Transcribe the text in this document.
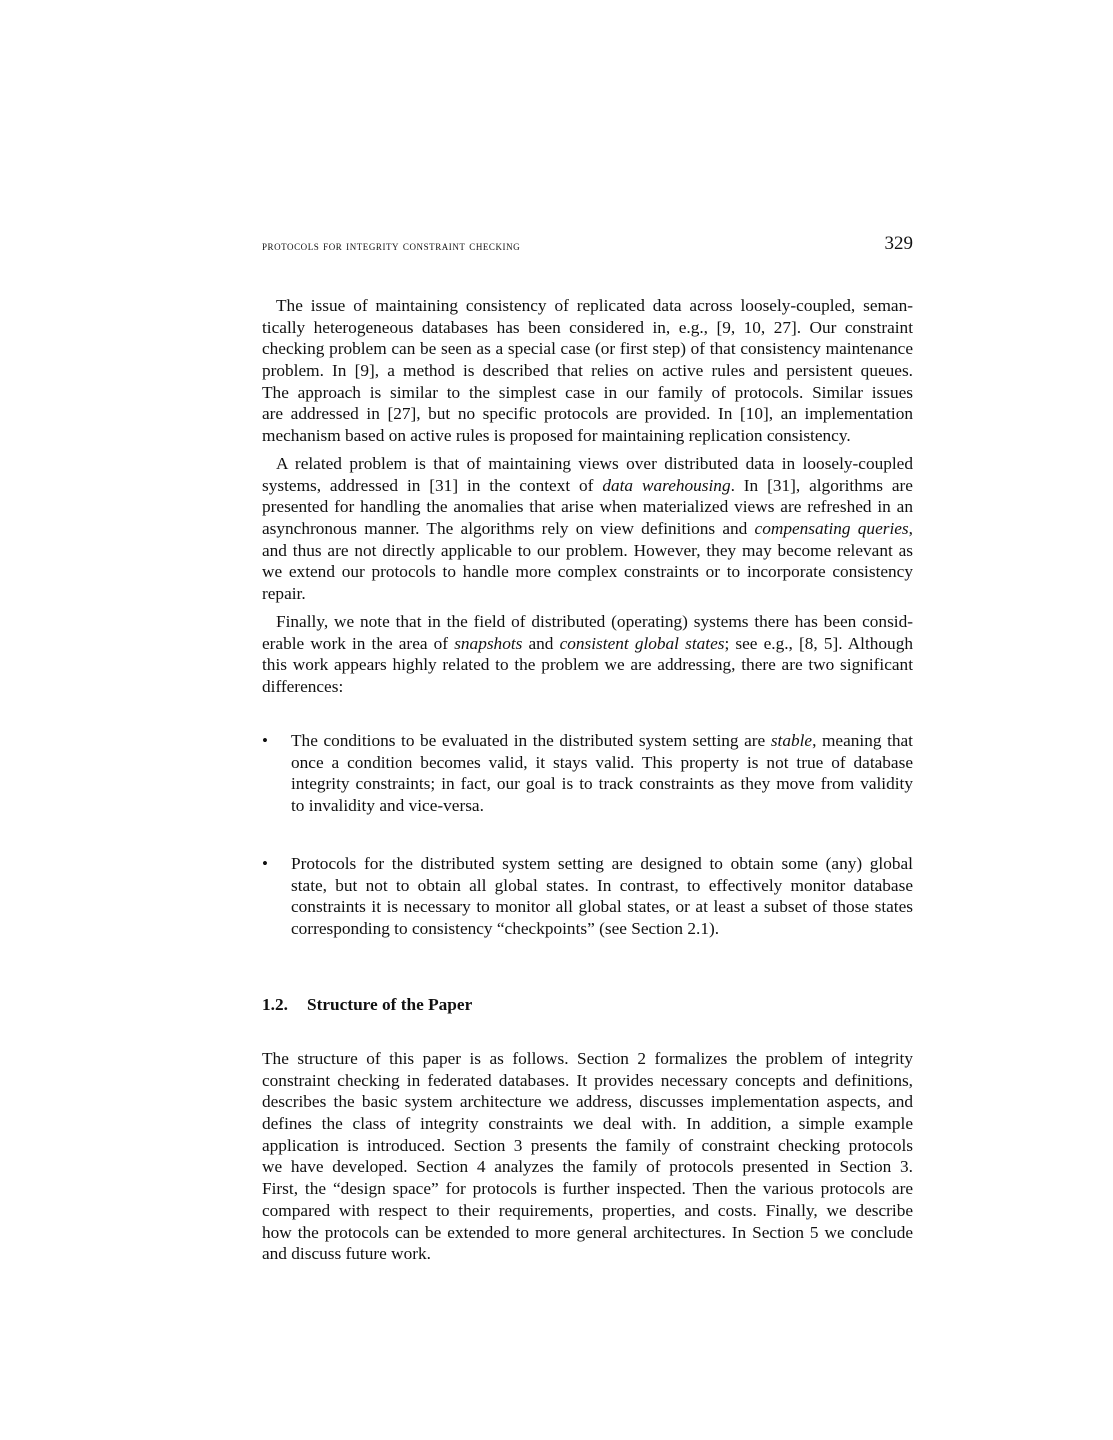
protocols for integrity constraint checking	329
The issue of maintaining consistency of replicated data across loosely-coupled, seman-
tically heterogeneous databases has been considered in, e.g., [9, 10, 27]. Our constraint
checking problem can be seen as a special case (or first step) of that consistency maintenance
problem. In [9], a method is described that relies on active rules and persistent queues.
The approach is similar to the simplest case in our family of protocols. Similar issues
are addressed in [27], but no specific protocols are provided. In [10], an implementation
mechanism based on active rules is proposed for maintaining replication consistency.
A related problem is that of maintaining views over distributed data in loosely-coupled
systems, addressed in [31] in the context of data warehousing. In [31], algorithms are
presented for handling the anomalies that arise when materialized views are refreshed in an
asynchronous manner. The algorithms rely on view definitions and compensating queries,
and thus are not directly applicable to our problem. However, they may become relevant as
we extend our protocols to handle more complex constraints or to incorporate consistency
repair.
Finally, we note that in the field of distributed (operating) systems there has been consid-
erable work in the area of snapshots and consistent global states; see e.g., [8, 5]. Although
this work appears highly related to the problem we are addressing, there are two significant
differences:
•	The conditions to be evaluated in the distributed system setting are stable, meaning that
once a condition becomes valid, it stays valid. This property is not true of database
integrity constraints; in fact, our goal is to track constraints as they move from validity
to invalidity and vice-versa.
•	Protocols for the distributed system setting are designed to obtain some (any) global
state, but not to obtain all global states. In contrast, to effectively monitor database
constraints it is necessary to monitor all global states, or at least a subset of those states
corresponding to consistency “checkpoints” (see Section 2.1).
1.2. Structure of the Paper
The structure of this paper is as follows. Section 2 formalizes the problem of integrity
constraint checking in federated databases. It provides necessary concepts and definitions,
describes the basic system architecture we address, discusses implementation aspects, and
defines the class of integrity constraints we deal with. In addition, a simple example
application is introduced. Section 3 presents the family of constraint checking protocols
we have developed. Section 4 analyzes the family of protocols presented in Section 3.
First, the “design space” for protocols is further inspected. Then the various protocols are
compared with respect to their requirements, properties, and costs. Finally, we describe
how the protocols can be extended to more general architectures. In Section 5 we conclude
and discuss future work.
